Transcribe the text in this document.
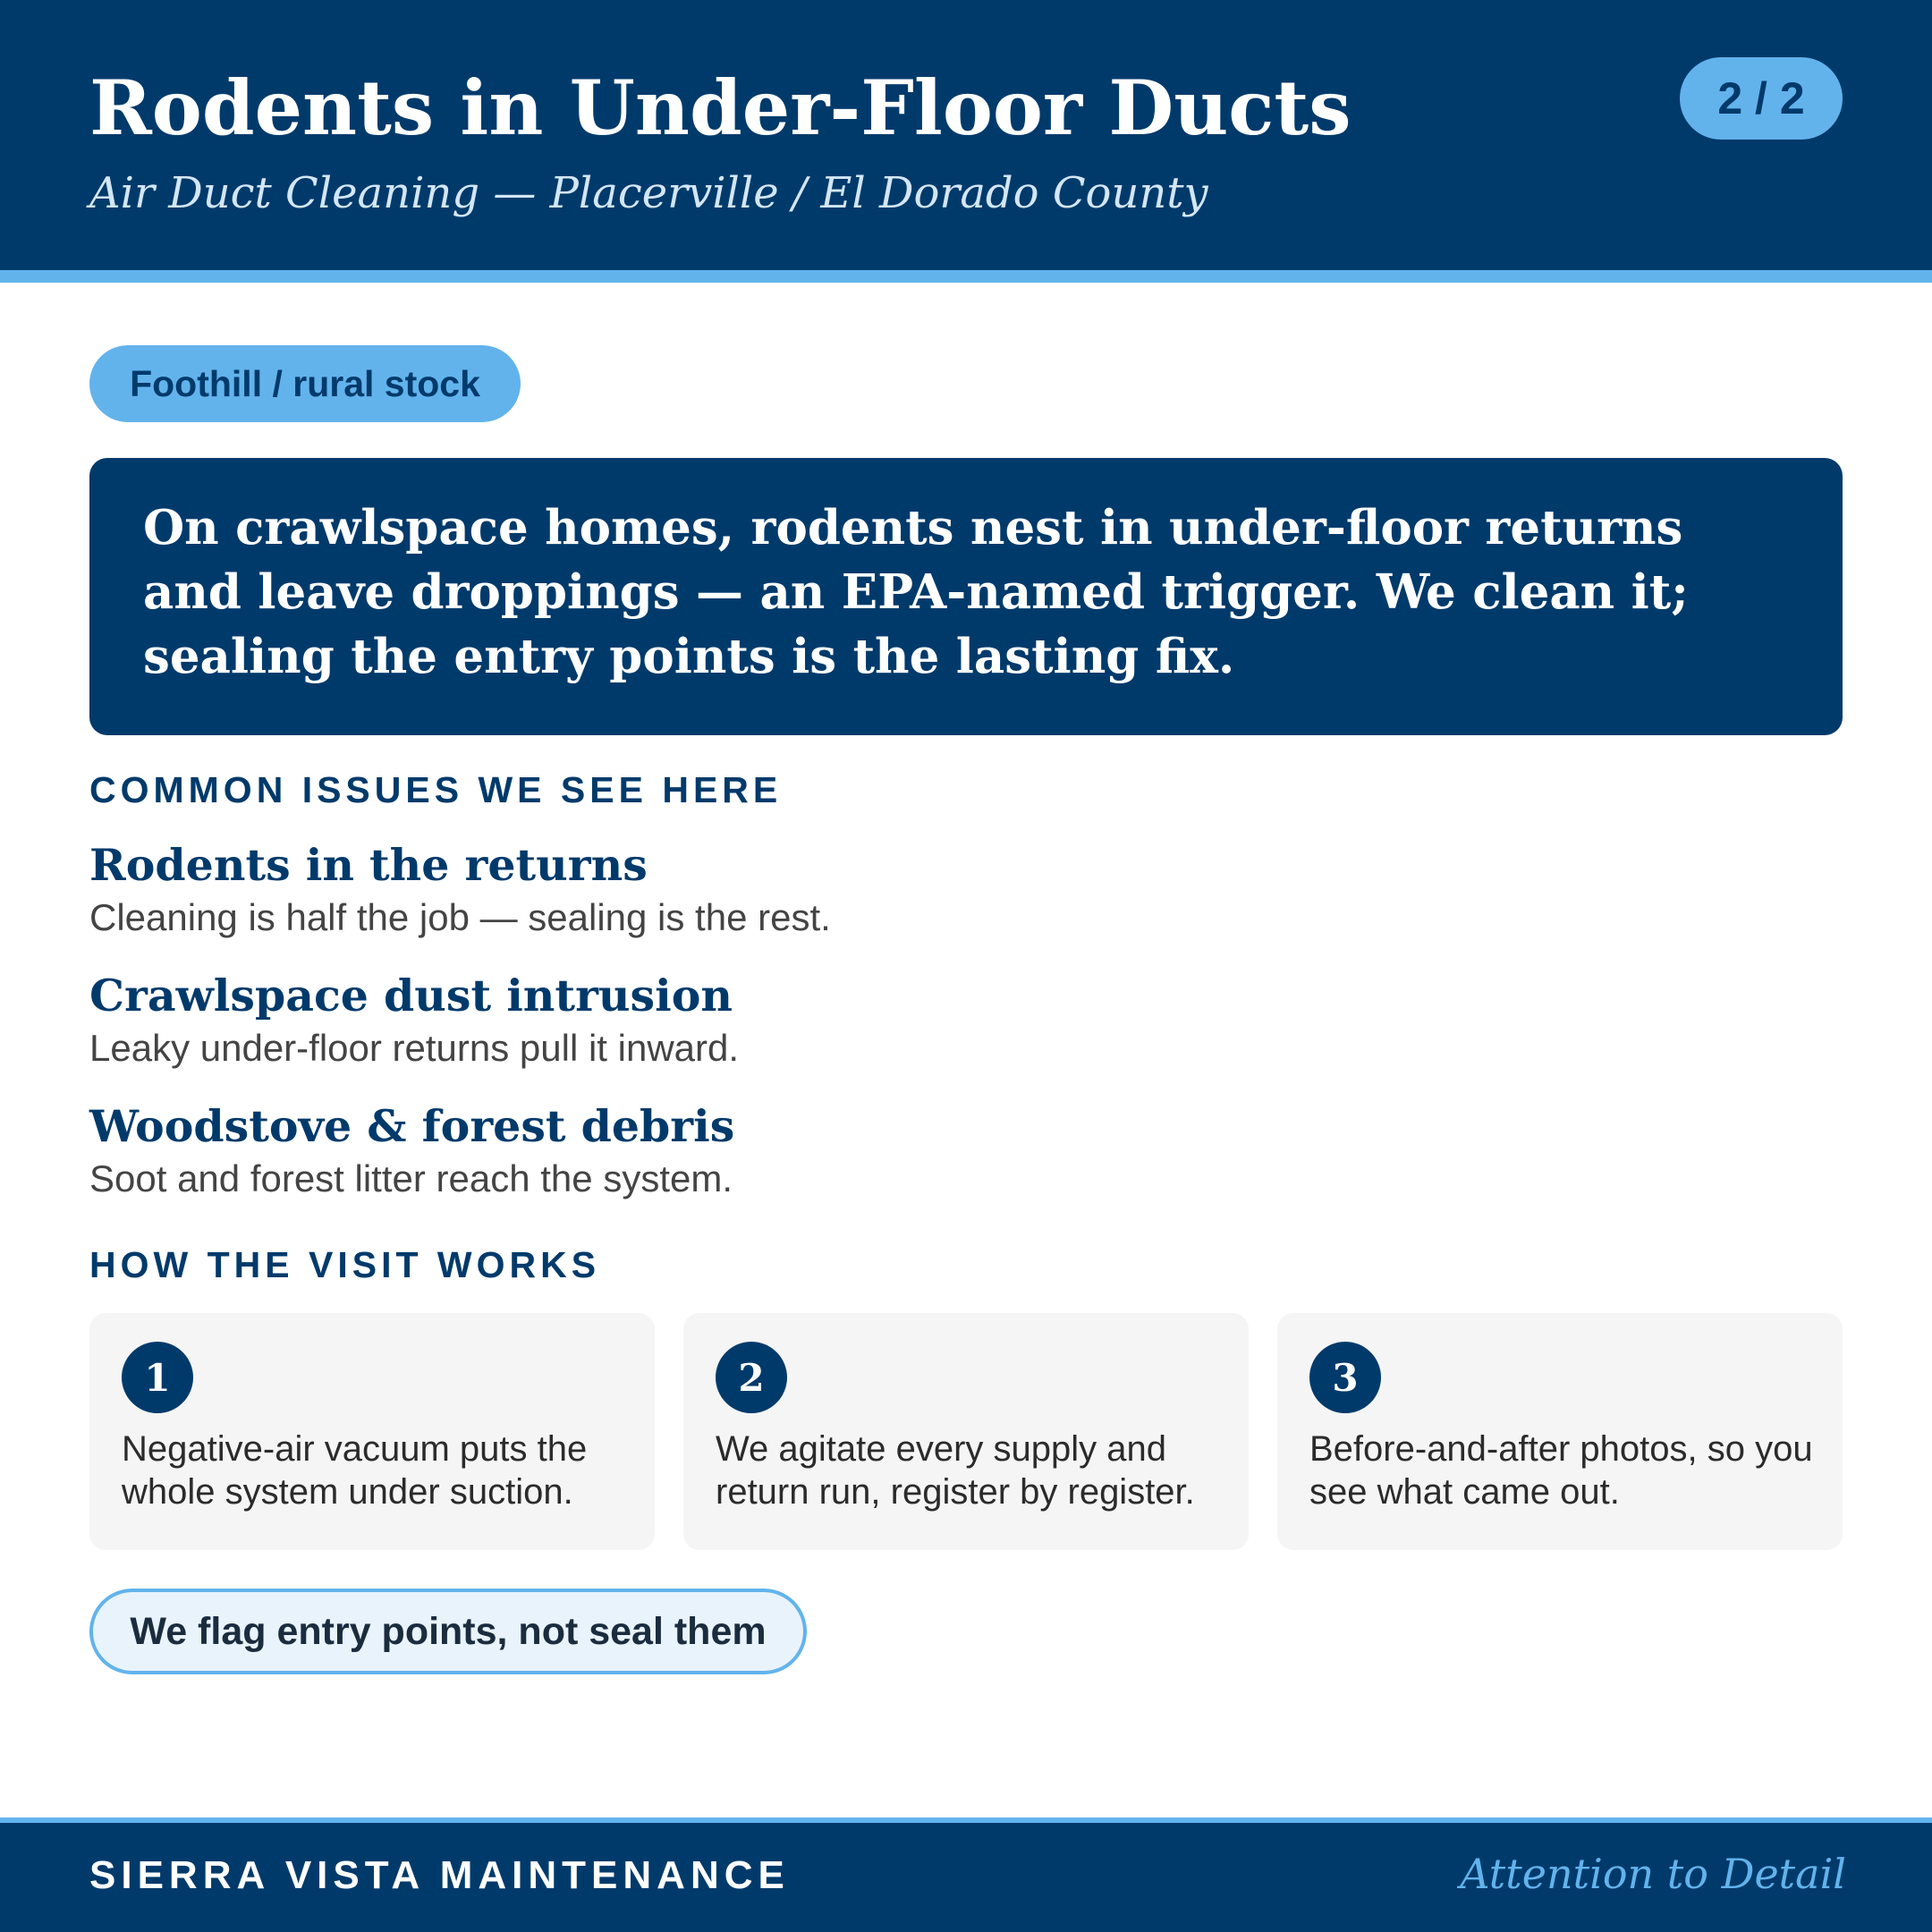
Rodents in Under-Floor Ducts
Air Duct Cleaning — Placerville / El Dorado County
2 / 2
Foothill / rural stock
On crawlspace homes, rodents nest in under-floor returns and leave droppings — an EPA-named trigger. We clean it; sealing the entry points is the lasting fix.
COMMON ISSUES WE SEE HERE
Rodents in the returns
Cleaning is half the job — sealing is the rest.
Crawlspace dust intrusion
Leaky under-floor returns pull it inward.
Woodstove & forest debris
Soot and forest litter reach the system.
HOW THE VISIT WORKS
1
Negative-air vacuum puts the whole system under suction.
2
We agitate every supply and return run, register by register.
3
Before-and-after photos, so you see what came out.
We flag entry points, not seal them
SIERRA VISTA MAINTENANCE	Attention to Detail
